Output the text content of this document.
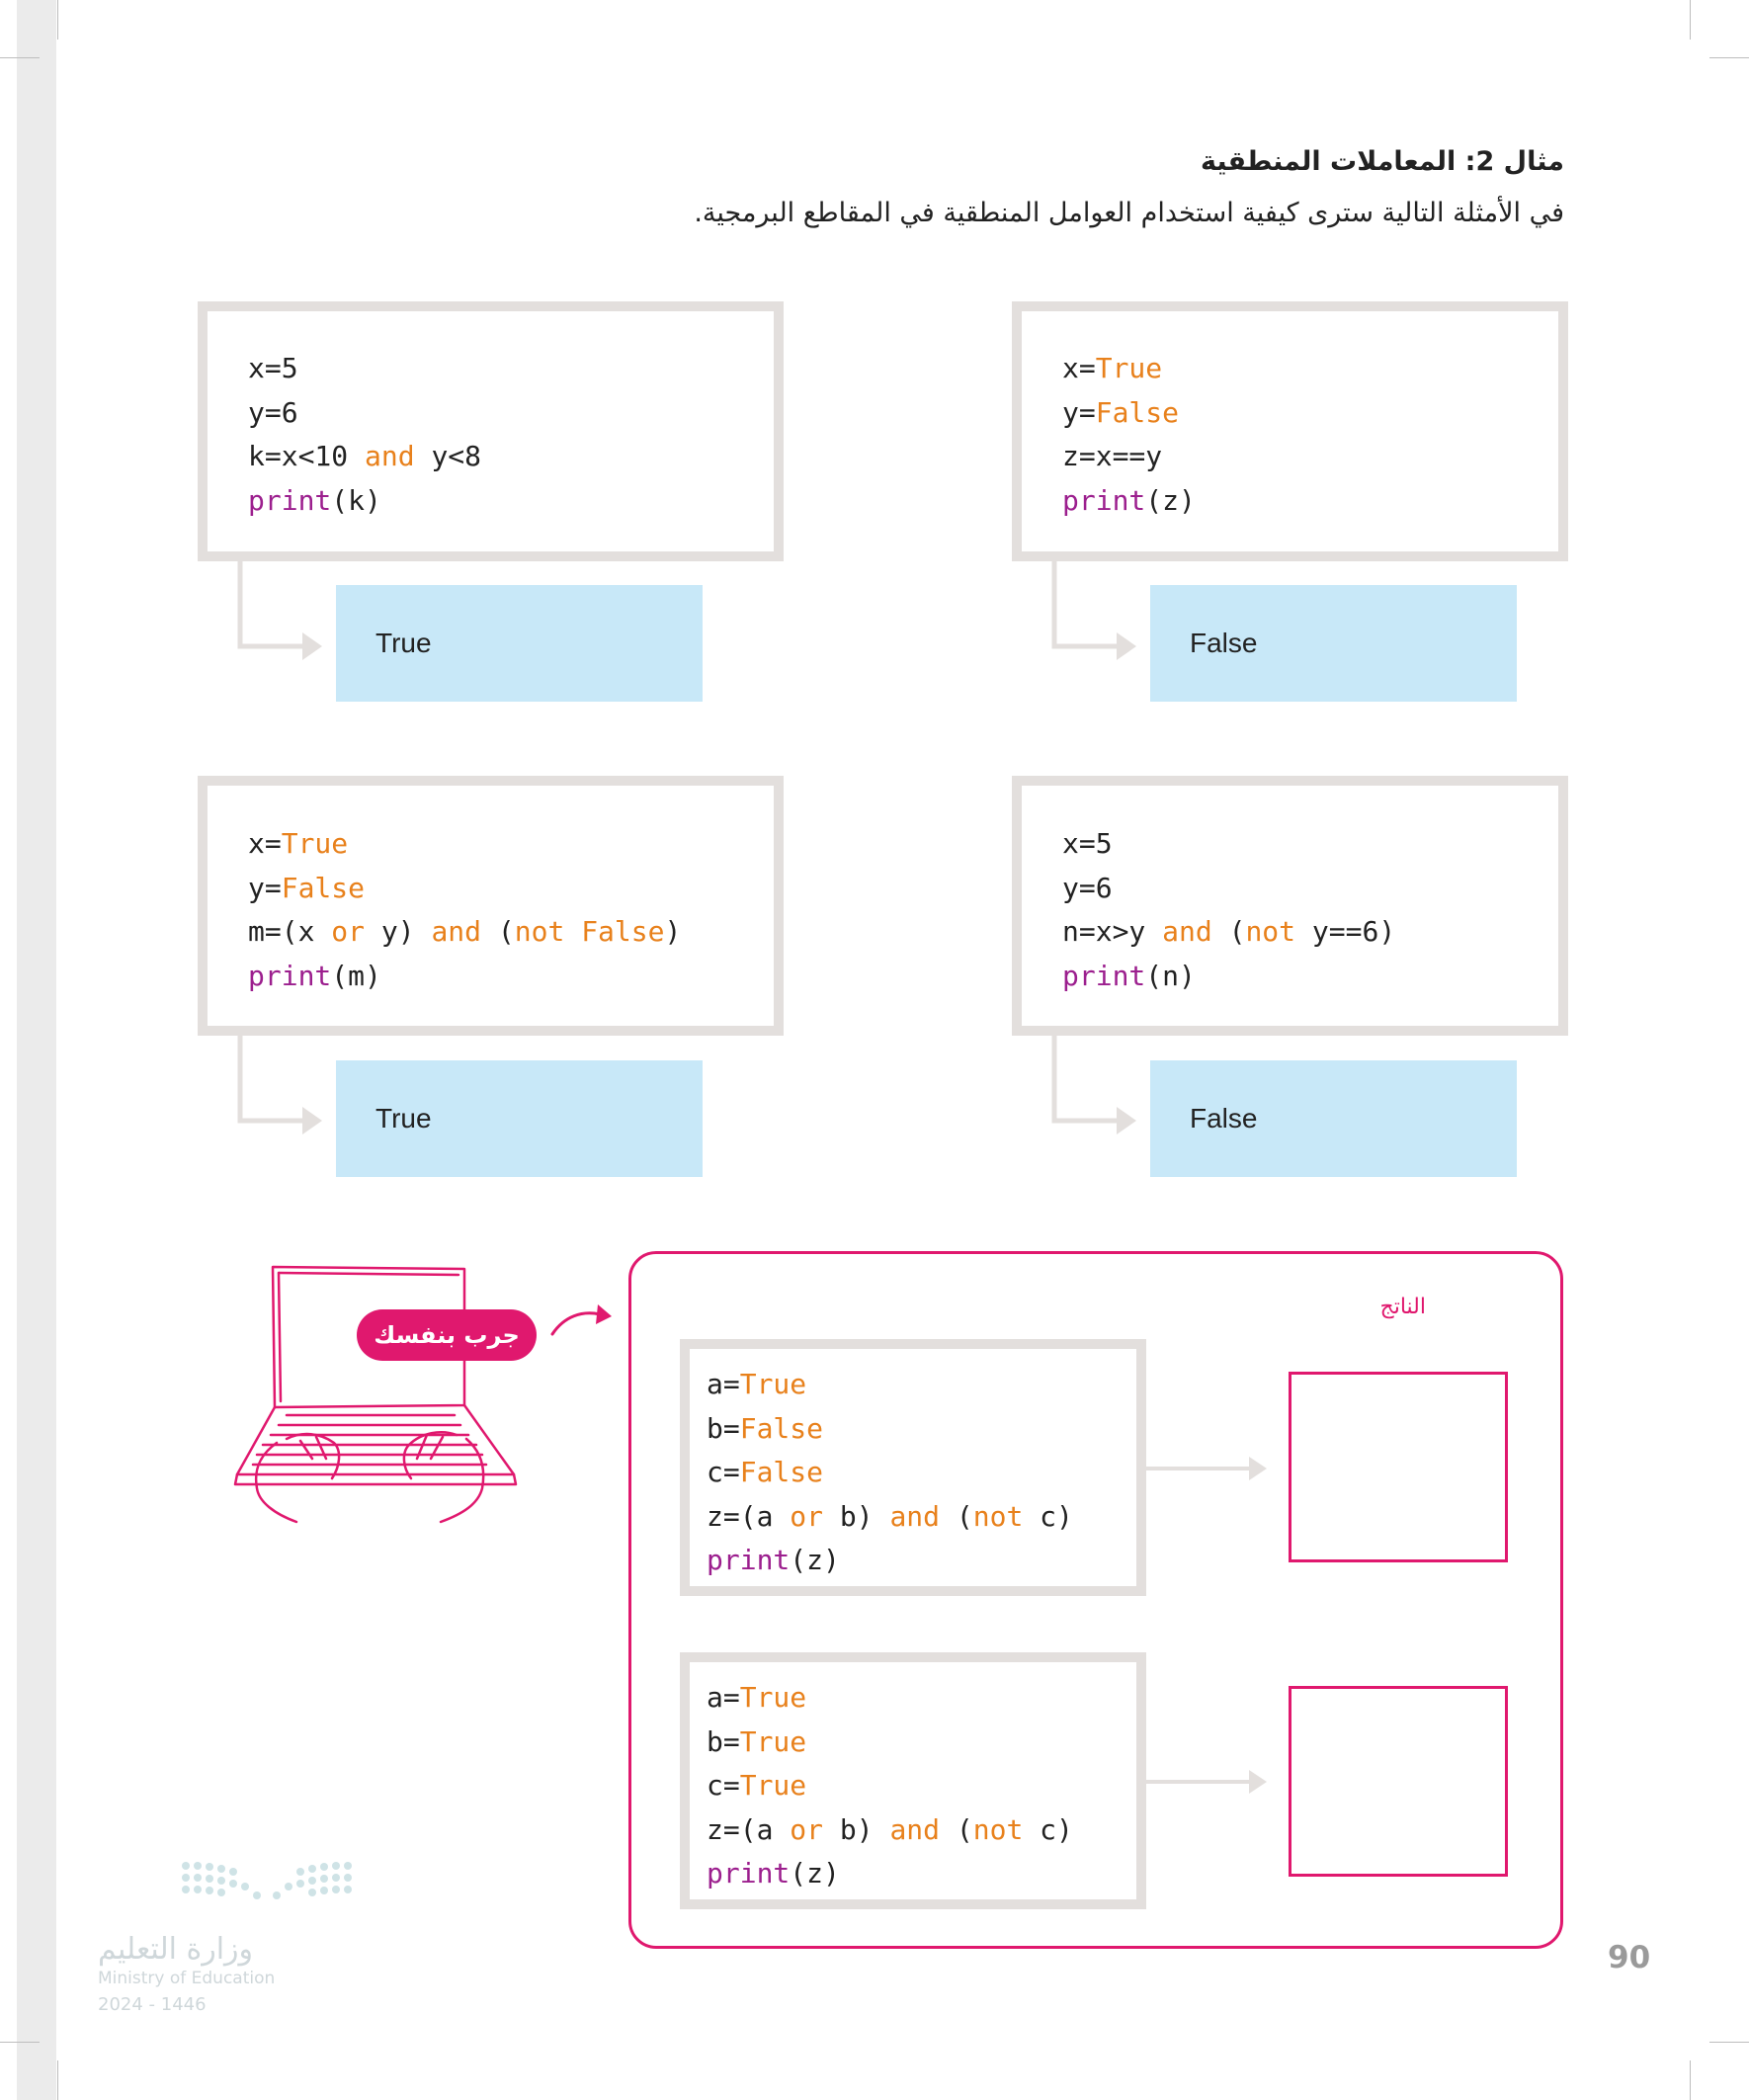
مثال 2: المعاملات المنطقية
في الأمثلة التالية سترى كيفية استخدام العوامل المنطقية في المقاطع البرمجية.
x=5
y=6
k=x<10 and y<8
print(k)
True
x=True
y=False
z=x==y
print(z)
False
x=True
y=False
m=(x or y) and (not False)
print(m)
True
x=5
y=6
n=x>y and (not y==6)
print(n)
False
جرب بنفسك
الناتج
a=True
b=False
c=False
z=(a or b) and (not c)
print(z)
a=True
b=True
c=True
z=(a or b) and (not c)
print(z)
وزارة التعليم
Ministry of Education
2024 - 1446
90
